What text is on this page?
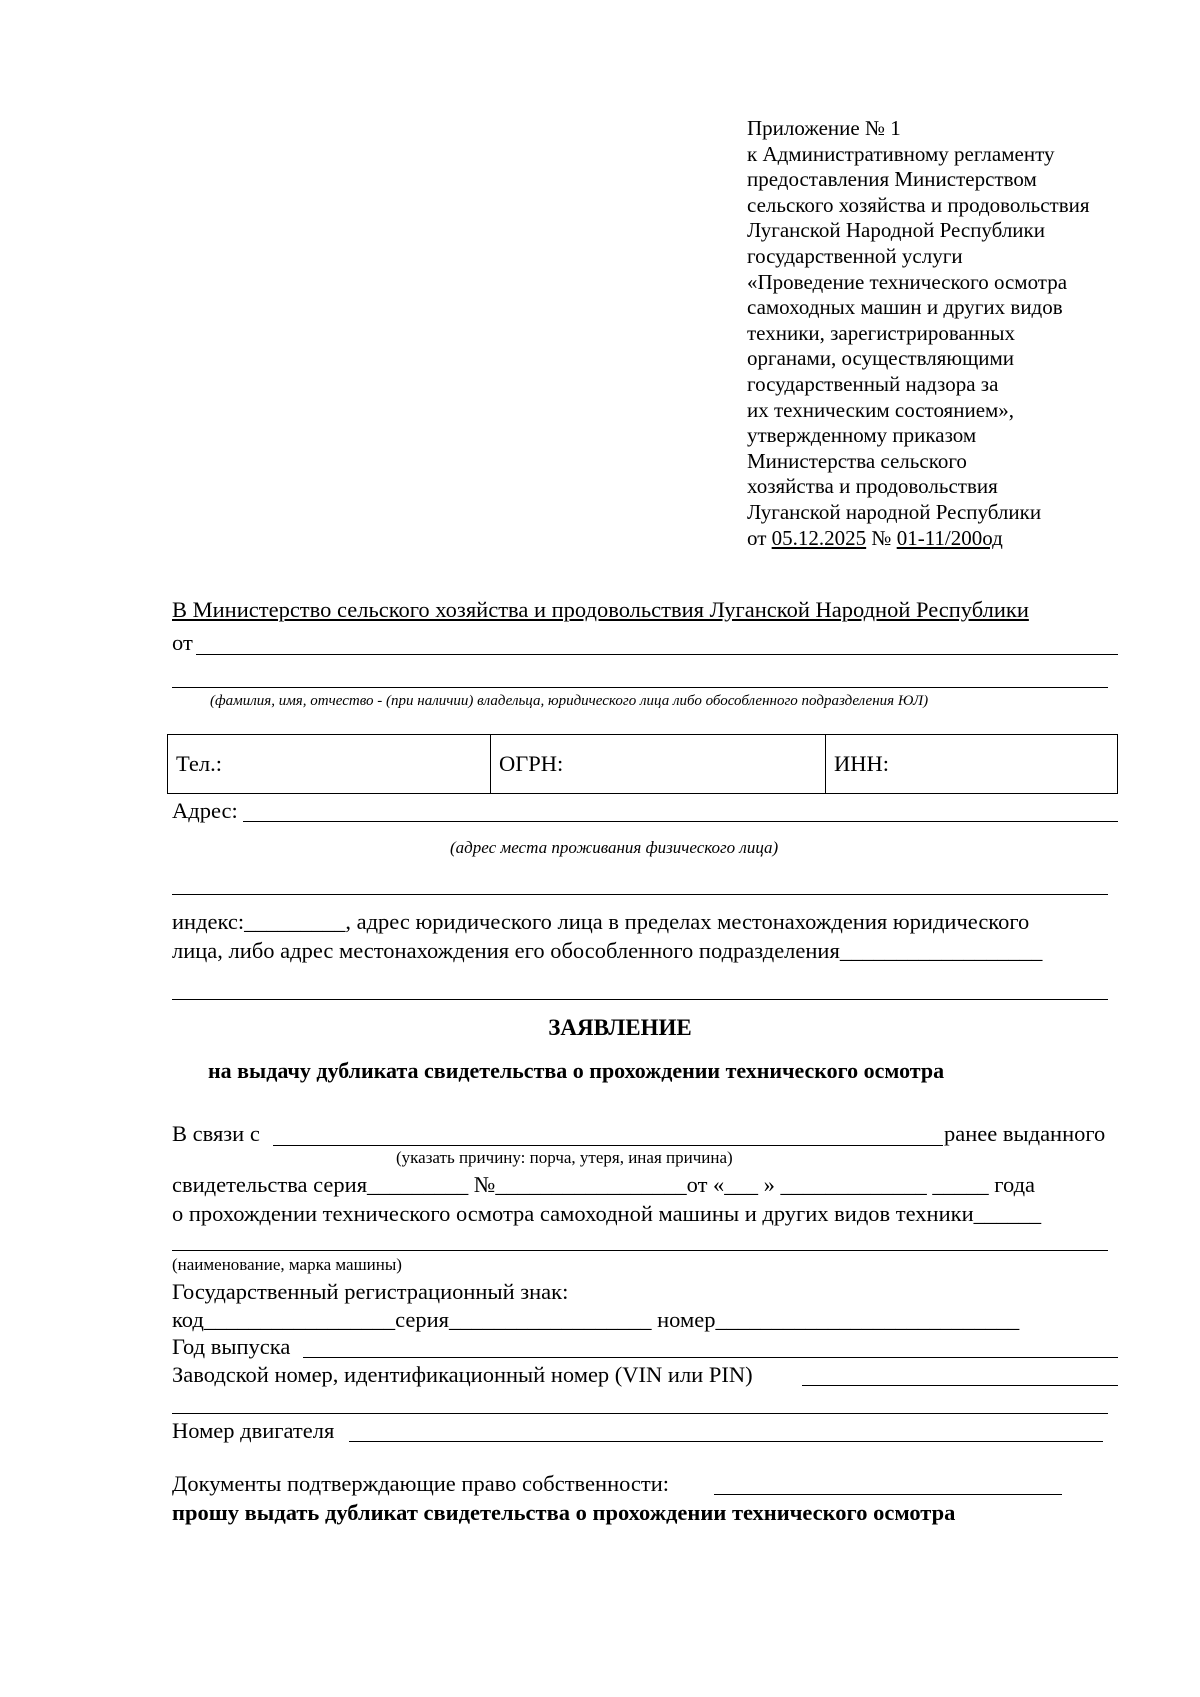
Приложение № 1
к Административному регламенту
предоставления Министерством
сельского хозяйства и продовольствия
Луганской Народной Республики
государственной услуги
«Проведение технического осмотра
самоходных машин и других видов
техники, зарегистрированных
органами, осуществляющими
государственный надзора за
их техническим состоянием»,
утвержденному приказом
Министерства сельского
хозяйства и продовольствия
Луганской народной Республики
от 05.12.2025 № 01-11/200од
В Министерство сельского хозяйства и продовольствия Луганской Народной Республики
от
(фамилия, имя, отчество - (при наличии) владельца, юридического лица либо обособленного подразделения ЮЛ)
Тел.:	ОГРН:	ИНН:
Адрес:
(адрес места проживания физического лица)
индекс:_________, адрес юридического лица в пределах местонахождения юридического
лица, либо адрес местонахождения его обособленного подразделения__________________
ЗАЯВЛЕНИЕ
на выдачу дубликата свидетельства о прохождении технического осмотра
В связи с	ранее выданного
(указать причину: порча, утеря, иная причина)
свидетельства серия_________ №_________________от «___ » _____________ _____ года
о прохождении технического осмотра самоходной машины и других видов техники______
(наименование, марка машины)
Государственный регистрационный знак:
код_________________серия__________________ номер___________________________
Год выпуска
Заводской номер, идентификационный номер (VIN или PIN)
Номер двигателя
Документы подтверждающие право собственности:
прошу выдать дубликат свидетельства о прохождении технического осмотра
